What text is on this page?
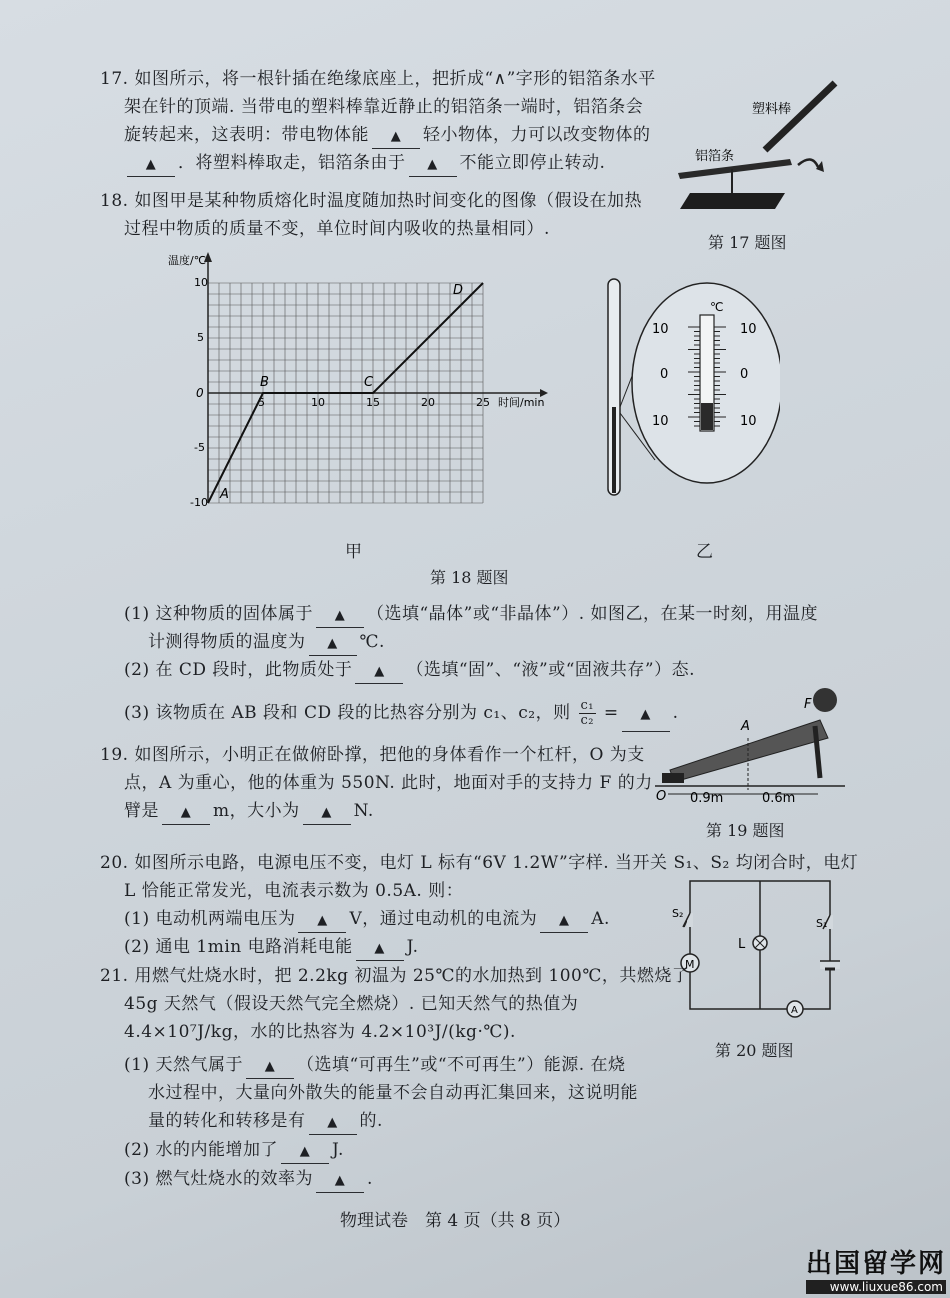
17. 如图所示，将一根针插在绝缘底座上，把折成“∧”字形的铝箔条水平
架在针的顶端. 当带电的塑料棒靠近静止的铝箔条一端时，铝箔条会
旋转起来，这表明：带电物体能 ▲ 轻小物体，力可以改变物体的
▲ ．将塑料棒取走，铝箔条由于 ▲ 不能立即停止转动.
塑料棒
铝箔条
第 17 题图
18. 如图甲是某种物质熔化时温度随加热时间变化的图像（假设在加热
过程中物质的质量不变，单位时间内吸收的热量相同）.
温度/℃
时间/min
10
5
0
-5
-10
5	10	15	20	25
A
B	C
D
甲
℃
10
0
10
10
0
10
乙
第 18 题图
(1) 这种物质的固体属于 ▲ （选填“晶体”或“非晶体”）. 如图乙，在某一时刻，用温度
计测得物质的温度为 ▲ ℃.
(2) 在 CD 段时，此物质处于 ▲ （选填“固”、“液”或“固液共存”）态.
(3) 该物质在 AB 段和 CD 段的比热容分别为 c₁、c₂，则 $\frac{\text{c₁}}{\text{c₂}}$ = ▲ .
19. 如图所示，小明正在做俯卧撑，把他的身体看作一个杠杆，O 为支
点，A 为重心，他的体重为 550N. 此时，地面对手的支持力 F 的力
臂是 ▲ m，大小为 ▲ N.
O
A
F
0.9m	0.6m
第 19 题图
20. 如图所示电路，电源电压不变，电灯 L 标有“6V 1.2W”字样. 当开关 S₁、S₂ 均闭合时，电灯
L 恰能正常发光，电流表示数为 0.5A. 则：
(1) 电动机两端电压为 ▲ V，通过电动机的电流为 ▲ A.
(2) 通电 1min 电路消耗电能 ▲ J.	L
M
S₂
S₁
A
第 20 题图
21. 用燃气灶烧水时，把 2.2kg 初温为 25℃的水加热到 100℃，共燃烧了
45g 天然气（假设天然气完全燃烧）. 已知天然气的热值为
4.4×10⁷J/kg，水的比热容为 4.2×10³J/(kg·℃).
(1) 天然气属于 ▲ （选填“可再生”或“不可再生”）能源. 在烧
水过程中，大量向外散失的能量不会自动再汇集回来，这说明能
量的转化和转移是有 ▲ 的.
(2) 水的内能增加了 ▲ J.
(3) 燃气灶烧水的效率为 ▲ .
物理试卷　第 4 页（共 8 页）
出国留学网
www.liuxue86.com
